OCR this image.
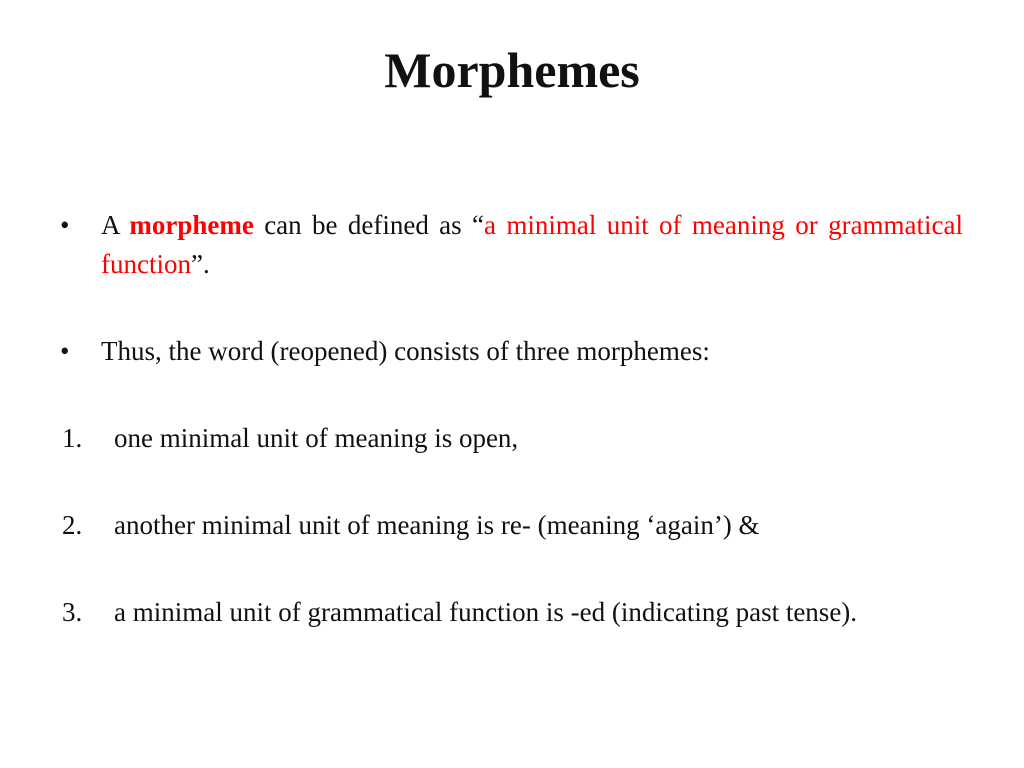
Morphemes
• A morpheme can be defined as “a minimal unit of meaning or grammatical function”.
• Thus, the word (reopened) consists of three morphemes:
1. one minimal unit of meaning is open,
2. another minimal unit of meaning is re- (meaning ‘again’) &
3. a minimal unit of grammatical function is -ed (indicating past tense).
